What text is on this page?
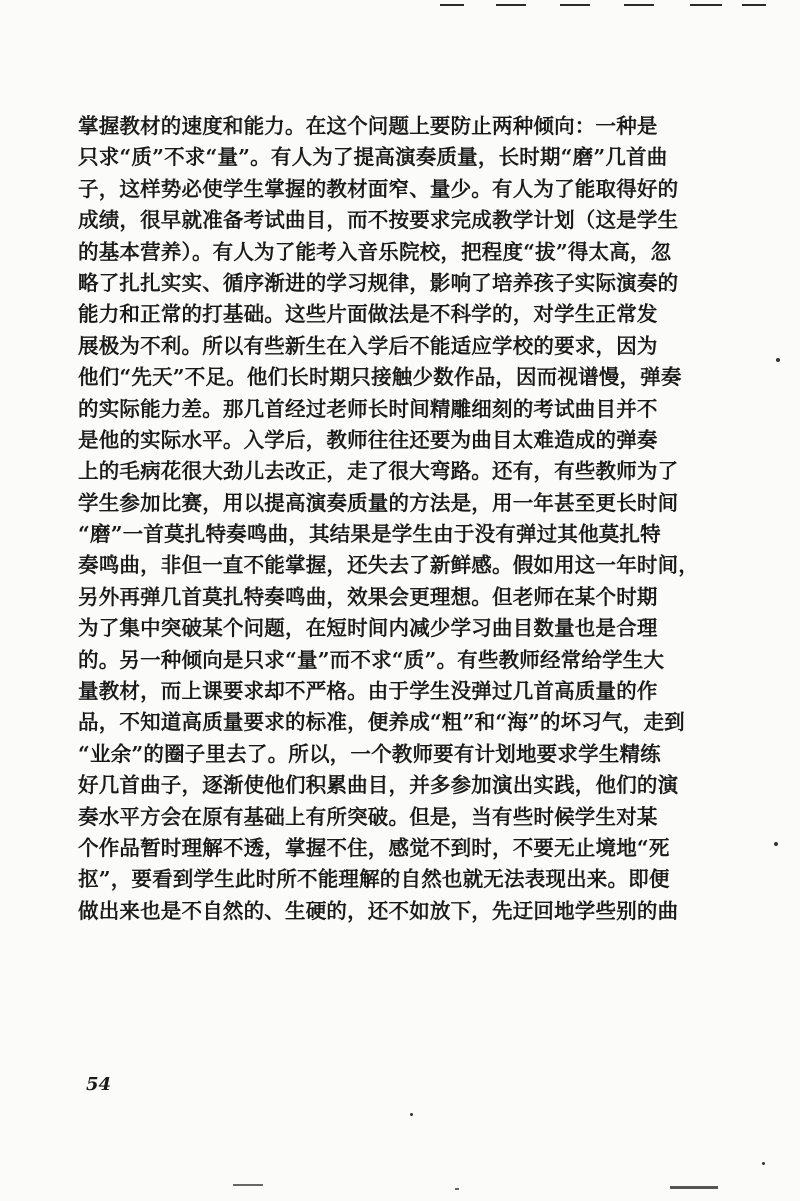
掌握教材的速度和能力。在这个问题上要防止两种倾向：一种是
只求“质”不求“量”。有人为了提高演奏质量，长时期“磨”几首曲
子，这样势必使学生掌握的教材面窄、量少。有人为了能取得好的
成绩，很早就准备考试曲目，而不按要求完成教学计划（这是学生
的基本营养）。有人为了能考入音乐院校，把程度“拔”得太高，忽
略了扎扎实实、循序渐进的学习规律，影响了培养孩子实际演奏的
能力和正常的打基础。这些片面做法是不科学的，对学生正常发
展极为不利。所以有些新生在入学后不能适应学校的要求，因为
他们“先天”不足。他们长时期只接触少数作品，因而视谱慢，弹奏
的实际能力差。那几首经过老师长时间精雕细刻的考试曲目并不
是他的实际水平。入学后，教师往往还要为曲目太难造成的弹奏
上的毛病花很大劲儿去改正，走了很大弯路。还有，有些教师为了
学生参加比赛，用以提高演奏质量的方法是，用一年甚至更长时间
“磨”一首莫扎特奏鸣曲，其结果是学生由于没有弹过其他莫扎特
奏鸣曲，非但一直不能掌握，还失去了新鲜感。假如用这一年时间，
另外再弹几首莫扎特奏鸣曲，效果会更理想。但老师在某个时期
为了集中突破某个问题，在短时间内减少学习曲目数量也是合理
的。另一种倾向是只求“量”而不求“质”。有些教师经常给学生大
量教材，而上课要求却不严格。由于学生没弹过几首高质量的作
品，不知道高质量要求的标准，便养成“粗”和“海”的坏习气，走到
“业余”的圈子里去了。所以，一个教师要有计划地要求学生精练
好几首曲子，逐渐使他们积累曲目，并多参加演出实践，他们的演
奏水平方会在原有基础上有所突破。但是，当有些时候学生对某
个作品暂时理解不透，掌握不住，感觉不到时，不要无止境地“死
抠”，要看到学生此时所不能理解的自然也就无法表现出来。即便
做出来也是不自然的、生硬的，还不如放下，先迂回地学些别的曲
54
